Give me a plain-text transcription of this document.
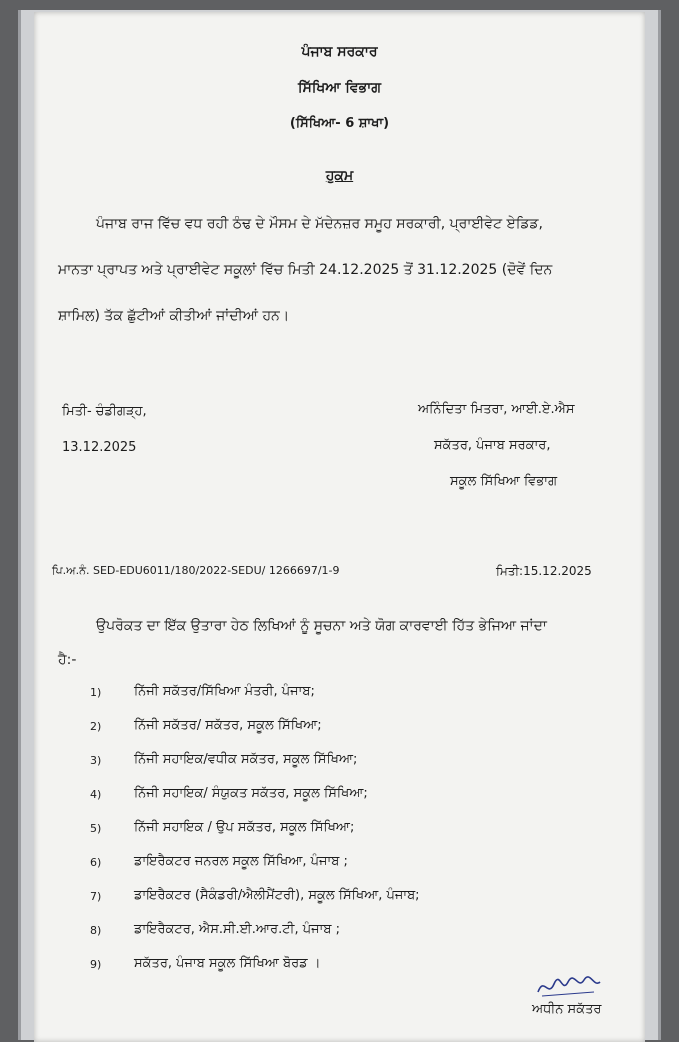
ਪੰਜਾਬ ਸਰਕਾਰ
ਸਿੱਖਿਆ ਵਿਭਾਗ
(ਸਿੱਖਿਆ- 6 ਸ਼ਾਖਾ)
ਹੁਕਮ
ਪੰਜਾਬ ਰਾਜ ਵਿੱਚ ਵਧ ਰਹੀ ਠੰਢ ਦੇ ਮੌਸਮ ਦੇ ਮੱਦੇਨਜ਼ਰ ਸਮੂਹ ਸਰਕਾਰੀ, ਪ੍ਰਾਈਵੇਟ ਏਡਿਡ,
ਮਾਨਤਾ ਪ੍ਰਾਪਤ ਅਤੇ ਪ੍ਰਾਈਵੇਟ ਸਕੂਲਾਂ ਵਿੱਚ ਮਿਤੀ 24.12.2025 ਤੋਂ 31.12.2025 (ਦੋਵੇਂ ਦਿਨ
ਸ਼ਾਮਿਲ) ਤੱਕ ਛੁੱਟੀਆਂ ਕੀਤੀਆਂ ਜਾਂਦੀਆਂ ਹਨ।
ਮਿਤੀ- ਚੰਡੀਗੜ੍ਹ,
13.12.2025
ਅਨਿੰਦਿਤਾ ਮਿਤਰਾ, ਆਈ.ਏ.ਐਸ
ਸਕੱਤਰ, ਪੰਜਾਬ ਸਰਕਾਰ,
ਸਕੂਲ ਸਿੱਖਿਆ ਵਿਭਾਗ
ਪਿ.ਅ.ਨੰ. SED-EDU6011/180/2022-SEDU/ 1266697/1-9	ਮਿਤੀ:15.12.2025
ਉਪਰੋਕਤ ਦਾ ਇੱਕ ਉਤਾਰਾ ਹੇਠ ਲਿਖਿਆਂ ਨੂੰ ਸੂਚਨਾ ਅਤੇ ਯੋਗ ਕਾਰਵਾਈ ਹਿੱਤ ਭੇਜਿਆ ਜਾਂਦਾ
ਹੈ:-
1)	ਨਿੱਜੀ ਸਕੱਤਰ/ਸਿੱਖਿਆ ਮੰਤਰੀ, ਪੰਜਾਬ;
2)	ਨਿੱਜੀ ਸਕੱਤਰ/ ਸਕੱਤਰ, ਸਕੂਲ ਸਿੱਖਿਆ;
3)	ਨਿੱਜੀ ਸਹਾਇਕ/ਵਧੀਕ ਸਕੱਤਰ, ਸਕੂਲ ਸਿੱਖਿਆ;
4)	ਨਿੱਜੀ ਸਹਾਇਕ/ ਸੰਯੁਕਤ ਸਕੱਤਰ, ਸਕੂਲ ਸਿੱਖਿਆ;
5)	ਨਿੱਜੀ ਸਹਾਇਕ / ਉਪ ਸਕੱਤਰ, ਸਕੂਲ ਸਿੱਖਿਆ;
6)	ਡਾਇਰੈਕਟਰ ਜਨਰਲ ਸਕੂਲ ਸਿੱਖਿਆ, ਪੰਜਾਬ ;
7)	ਡਾਇਰੈਕਟਰ (ਸੈਕੰਡਰੀ/ਐਲੀਮੈਂਟਰੀ), ਸਕੂਲ ਸਿੱਖਿਆ, ਪੰਜਾਬ;
8)	ਡਾਇਰੈਕਟਰ, ਐਸ.ਸੀ.ਈ.ਆਰ.ਟੀ, ਪੰਜਾਬ ;
9)	ਸਕੱਤਰ, ਪੰਜਾਬ ਸਕੂਲ ਸਿੱਖਿਆ ਬੋਰਡ ।
ਅਧੀਨ ਸਕੱਤਰ
